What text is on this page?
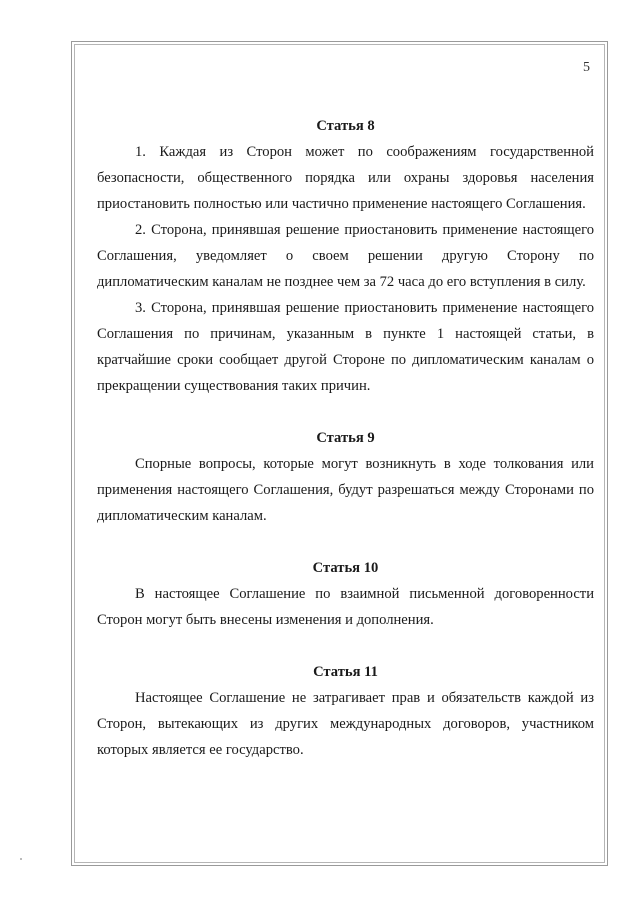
5
Статья 8

1. Каждая из Сторон может по соображениям государственной безопасности, общественного порядка или охраны здоровья населения приостановить полностью или частично применение настоящего Соглашения.

2. Сторона, принявшая решение приостановить применение настоящего Соглашения, уведомляет о своем решении другую Сторону по дипломатическим каналам не позднее чем за 72 часа до его вступления в силу.

3. Сторона, принявшая решение приостановить применение настоящего Соглашения по причинам, указанным в пункте 1 настоящей статьи, в кратчайшие сроки сообщает другой Стороне по дипломатическим каналам о прекращении существования таких причин.

Статья 9

Спорные вопросы, которые могут возникнуть в ходе толкования или применения настоящего Соглашения, будут разрешаться между Сторонами по дипломатическим каналам.

Статья 10

В настоящее Соглашение по взаимной письменной договоренности Сторон могут быть внесены изменения и дополнения.

Статья 11

Настоящее Соглашение не затрагивает прав и обязательств каждой из Сторон, вытекающих из других международных договоров, участником которых является ее государство.
